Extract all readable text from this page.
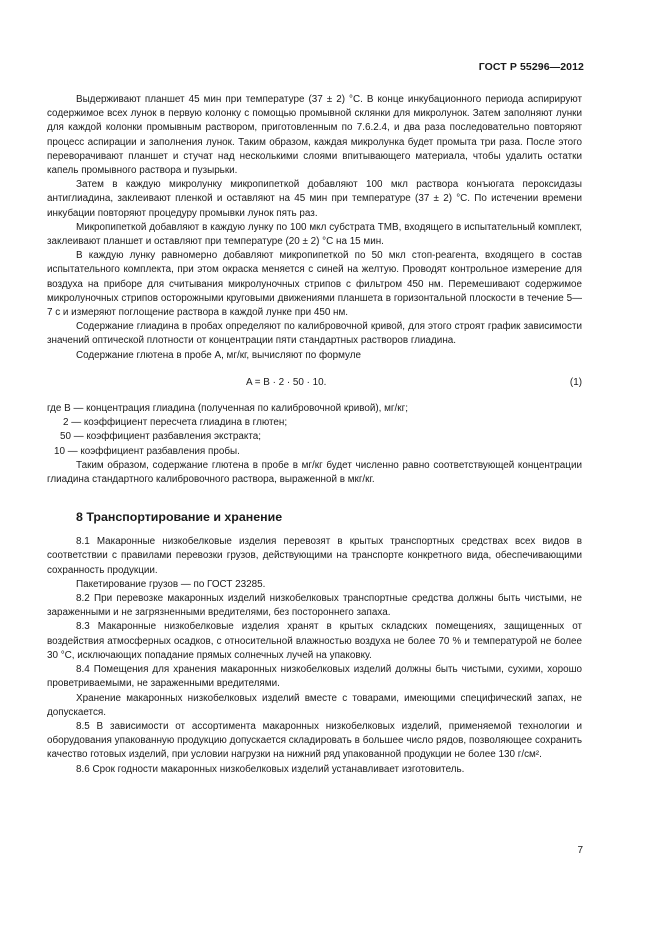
ГОСТ Р 55296—2012

Выдерживают планшет 45 мин при температуре (37 ± 2) °С. В конце инкубационного периода аспирируют содержимое всех лунок в первую колонку с помощью промывной склянки для микролунок. Затем заполняют лунки для каждой колонки промывным раствором, приготовленным по 7.6.2.4, и два раза последовательно повторяют процесс аспирации и заполнения лунок. Таким образом, каждая микролунка будет промыта три раза. После этого переворачивают планшет и стучат над несколькими слоями впитывающего материала, чтобы удалить остатки капель промывного раствора и пузырьки.

Затем в каждую микролунку микропипеткой добавляют 100 мкл раствора конъюгата пероксидазы антиглиадина, заклеивают пленкой и оставляют на 45 мин при температуре (37 ± 2) °С. По истечении времени инкубации повторяют процедуру промывки лунок пять раз.

Микропипеткой добавляют в каждую лунку по 100 мкл субстрата ТМВ, входящего в испытательный комплект, заклеивают планшет и оставляют при температуре (20 ± 2) °С на 15 мин.

В каждую лунку равномерно добавляют микропипеткой по 50 мкл стоп-реагента, входящего в состав испытательного комплекта, при этом окраска меняется с синей на желтую. Проводят контрольное измерение для воздуха на приборе для считывания микролуночных стрипов с фильтром 450 нм. Перемешивают содержимое микролуночных стрипов осторожными круговыми движениями планшета в горизонтальной плоскости в течение 5—7 с и измеряют поглощение раствора в каждой лунке при 450 нм.

Содержание глиадина в пробах определяют по калибровочной кривой, для этого строят график зависимости значений оптической плотности от концентрации пяти стандартных растворов глиадина.

Содержание глютена в пробе A, мг/кг, вычисляют по формуле

A = B · 2 · 50 · 10.	(1)

где B — концентрация глиадина (полученная по калибровочной кривой), мг/кг;

2 — коэффициент пересчета глиадина в глютен;

50 — коэффициент разбавления экстракта;

10 — коэффициент разбавления пробы.

Таким образом, содержание глютена в пробе в мг/кг будет численно равно соответствующей концентрации глиадина стандартного калибровочного раствора, выраженной в мкг/кг.

8 Транспортирование и хранение

8.1 Макаронные низкобелковые изделия перевозят в крытых транспортных средствах всех видов в соответствии с правилами перевозки грузов, действующими на транспорте конкретного вида, обеспечивающими сохранность продукции.

Пакетирование грузов — по ГОСТ 23285.

8.2 При перевозке макаронных изделий низкобелковых транспортные средства должны быть чистыми, не зараженными и не загрязненными вредителями, без постороннего запаха.

8.3 Макаронные низкобелковые изделия хранят в крытых складских помещениях, защищенных от воздействия атмосферных осадков, с относительной влажностью воздуха не более 70 % и температурой не более 30 °С, исключающих попадание прямых солнечных лучей на упаковку.

8.4 Помещения для хранения макаронных низкобелковых изделий должны быть чистыми, сухими, хорошо проветриваемыми, не зараженными вредителями.

Хранение макаронных низкобелковых изделий вместе с товарами, имеющими специфический запах, не допускается.

8.5 В зависимости от ассортимента макаронных низкобелковых изделий, применяемой технологии и оборудования упакованную продукцию допускается складировать в большее число рядов, позволяющее сохранить качество готовых изделий, при условии нагрузки на нижний ряд упакованной продукции не более 130 г/см².

8.6 Срок годности макаронных низкобелковых изделий устанавливает изготовитель.

7
